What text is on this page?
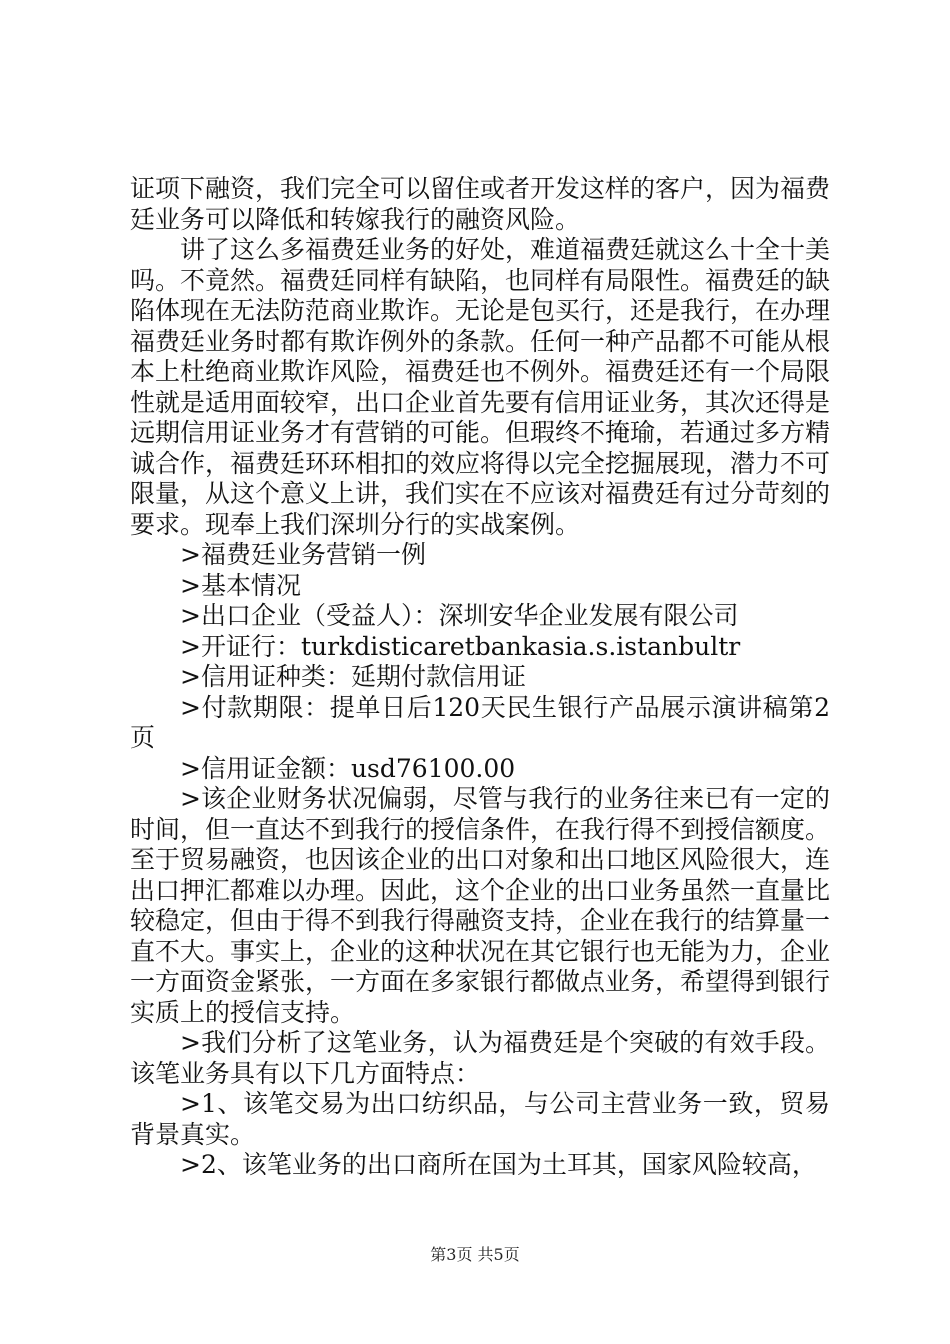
证项下融资，我们完全可以留住或者开发这样的客户，因为福费廷业务可以降低和转嫁我行的融资风险。

讲了这么多福费廷业务的好处，难道福费廷就这么十全十美吗。不竟然。福费廷同样有缺陷，也同样有局限性。福费廷的缺陷体现在无法防范商业欺诈。无论是包买行，还是我行，在办理福费廷业务时都有欺诈例外的条款。任何一种产品都不可能从根本上杜绝商业欺诈风险，福费廷也不例外。福费廷还有一个局限性就是适用面较窄，出口企业首先要有信用证业务，其次还得是远期信用证业务才有营销的可能。但瑕终不掩瑜，若通过多方精诚合作，福费廷环环相扣的效应将得以完全挖掘展现，潜力不可限量，从这个意义上讲，我们实在不应该对福费廷有过分苛刻的要求。现奉上我们深圳分行的实战案例。

>福费廷业务营销一例

>基本情况

>出口企业（受益人）：深圳安华企业发展有限公司

>开证行：turkdisticaretbankasia.s.istanbultr

>信用证种类：延期付款信用证

>付款期限：提单日后120天民生银行产品展示演讲稿第2页

>信用证金额：usd76100.00

>该企业财务状况偏弱，尽管与我行的业务往来已有一定的时间，但一直达不到我行的授信条件，在我行得不到授信额度。至于贸易融资，也因该企业的出口对象和出口地区风险很大，连出口押汇都难以办理。因此，这个企业的出口业务虽然一直量比较稳定，但由于得不到我行得融资支持，企业在我行的结算量一直不大。事实上，企业的这种状况在其它银行也无能为力，企业一方面资金紧张，一方面在多家银行都做点业务，希望得到银行实质上的授信支持。

>我们分析了这笔业务，认为福费廷是个突破的有效手段。该笔业务具有以下几方面特点：

>1、该笔交易为出口纺织品，与公司主营业务一致，贸易背景真实。

>2、该笔业务的出口商所在国为土耳其，国家风险较高，

第3页 共5页
